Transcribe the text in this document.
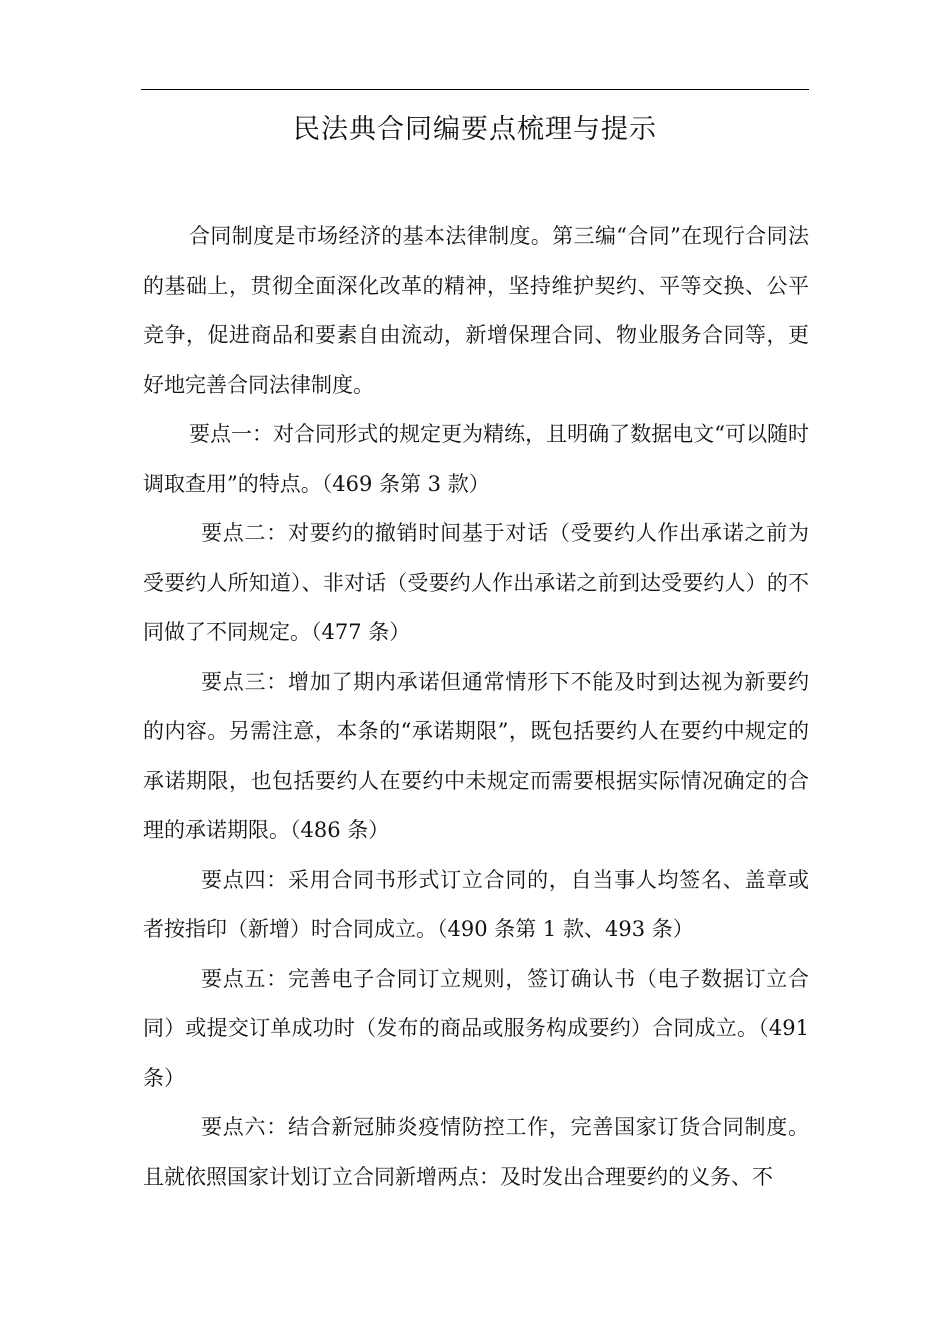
民法典合同编要点梳理与提示

合同制度是市场经济的基本法律制度。第三编“合同”在现行合同法的基础上，贯彻全面深化改革的精神，坚持维护契约、平等交换、公平竞争，促进商品和要素自由流动，新增保理合同、物业服务合同等，更好地完善合同法律制度。

要点一：对合同形式的规定更为精练，且明确了数据电文“可以随时调取查用”的特点。（469 条第 3 款）

要点二：对要约的撤销时间基于对话（受要约人作出承诺之前为受要约人所知道）、非对话（受要约人作出承诺之前到达受要约人）的不同做了不同规定。（477 条）

要点三：增加了期内承诺但通常情形下不能及时到达视为新要约的内容。另需注意，本条的“承诺期限”，既包括要约人在要约中规定的承诺期限，也包括要约人在要约中未规定而需要根据实际情况确定的合理的承诺期限。（486 条）

要点四：采用合同书形式订立合同的，自当事人均签名、盖章或者按指印（新增）时合同成立。（490 条第 1 款、493 条）

要点五：完善电子合同订立规则，签订确认书（电子数据订立合同）或提交订单成功时（发布的商品或服务构成要约）合同成立。（491 条）

要点六：结合新冠肺炎疫情防控工作，完善国家订货合同制度。且就依照国家计划订立合同新增两点：及时发出合理要约的义务、不
